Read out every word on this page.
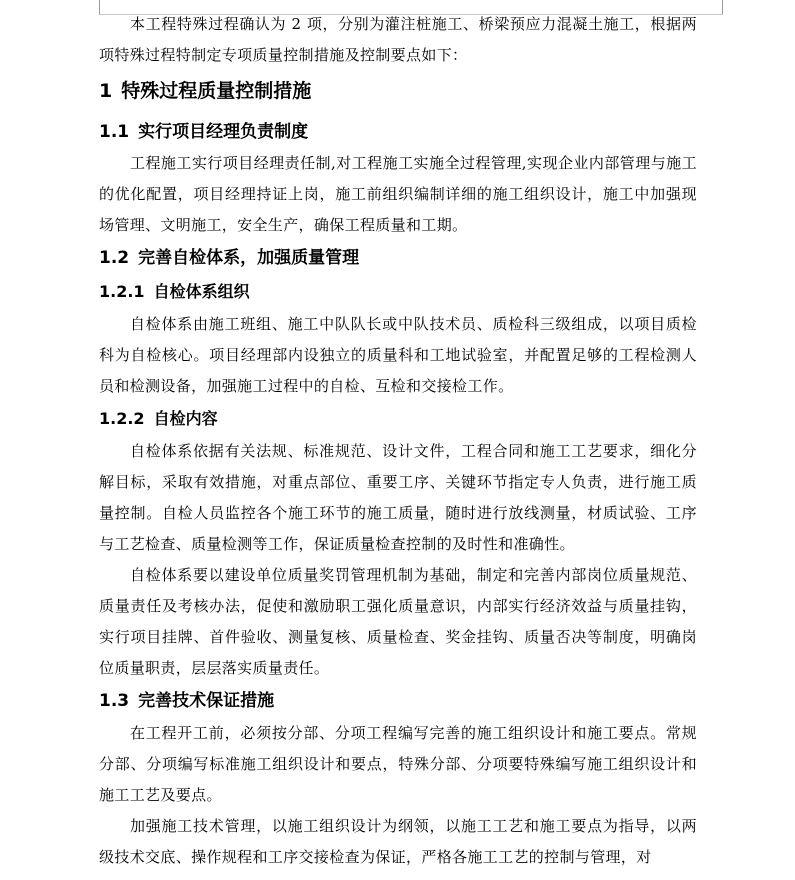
本工程特殊过程确认为 2 项，分别为灌注桩施工、桥梁预应力混凝土施工，根据两项特殊过程特制定专项质量控制措施及控制要点如下：

1 特殊过程质量控制措施
1.1 实行项目经理负责制度

工程施工实行项目经理责任制,对工程施工实施全过程管理,实现企业内部管理与施工的优化配置，项目经理持证上岗，施工前组织编制详细的施工组织设计，施工中加强现场管理、文明施工，安全生产，确保工程质量和工期。

1.2 完善自检体系，加强质量管理
1.2.1 自检体系组织

自检体系由施工班组、施工中队队长或中队技术员、质检科三级组成，以项目质检科为自检核心。项目经理部内设独立的质量科和工地试验室，并配置足够的工程检测人员和检测设备，加强施工过程中的自检、互检和交接检工作。

1.2.2 自检内容

自检体系依据有关法规、标准规范、设计文件，工程合同和施工工艺要求，细化分解目标，采取有效措施，对重点部位、重要工序、关键环节指定专人负责，进行施工质量控制。自检人员监控各个施工环节的施工质量，随时进行放线测量，材质试验、工序与工艺检查、质量检测等工作，保证质量检查控制的及时性和准确性。

自检体系要以建设单位质量奖罚管理机制为基础，制定和完善内部岗位质量规范、质量责任及考核办法，促使和激励职工强化质量意识，内部实行经济效益与质量挂钩，实行项目挂牌、首件验收、测量复核、质量检查、奖金挂钩、质量否决等制度，明确岗位质量职责，层层落实质量责任。

1.3 完善技术保证措施

在工程开工前，必须按分部、分项工程编写完善的施工组织设计和施工要点。常规分部、分项编写标准施工组织设计和要点，特殊分部、分项要特殊编写施工组织设计和施工工艺及要点。

加强施工技术管理，以施工组织设计为纲领，以施工工艺和施工要点为指导，以两级技术交底、操作规程和工序交接检查为保证，严格各施工工艺的控制与管理，对
